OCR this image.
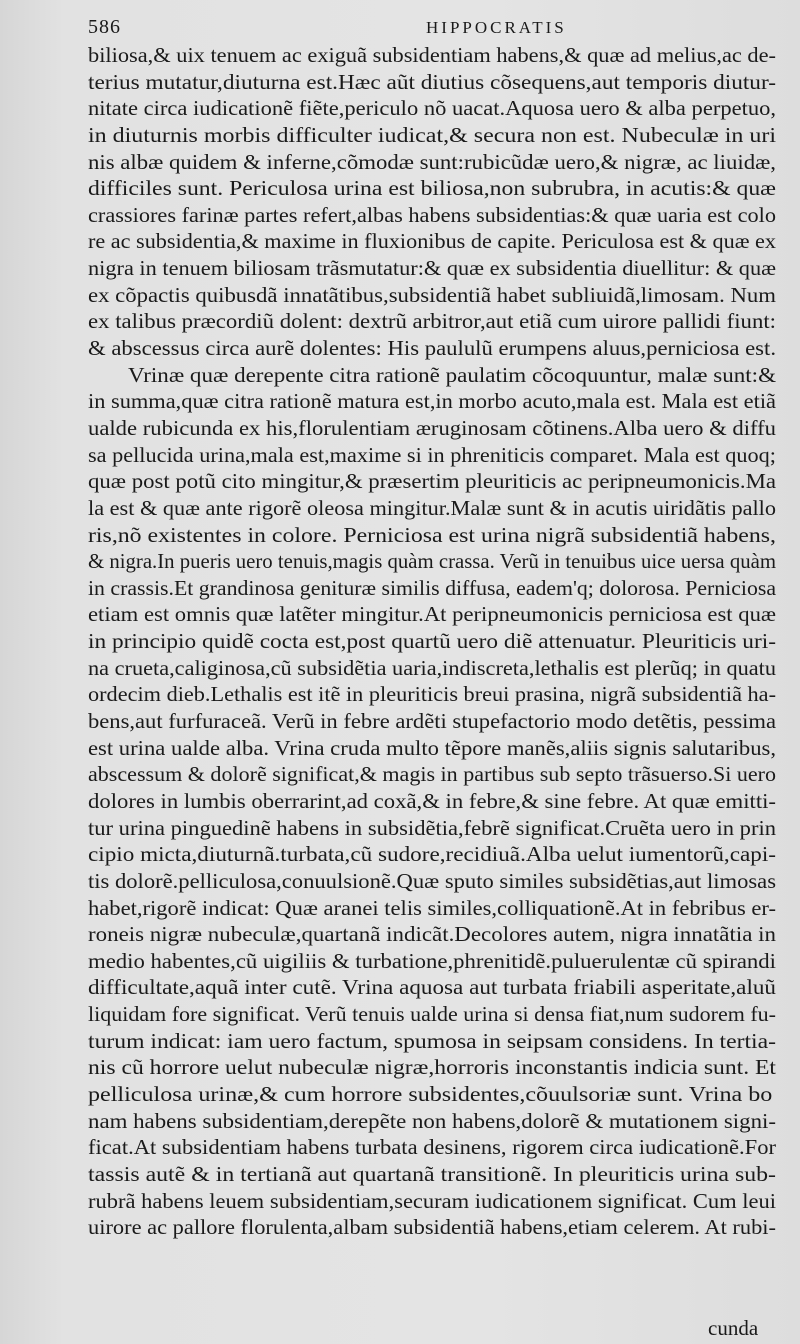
586	HIPPOCRATIS
biliosa,& uix tenuem ac exiguã subsidentiam habens,& quæ ad melius,ac de-
terius mutatur,diuturna est.Hæc aũt diutius cõsequens,aut temporis diutur-
nitate circa iudicationẽ fiẽte,periculo nõ uacat.Aquosa uero & alba perpetuo,
in diuturnis morbis difficulter iudicat,& secura non est. Nubeculæ in uri
nis albæ quidem & inferne,cõmodæ sunt:rubicũdæ uero,& nigræ, ac liuidæ,
difficiles sunt. Periculosa urina est biliosa,non subrubra, in acutis:& quæ
crassiores farinæ partes refert,albas habens subsidentias:& quæ uaria est colo
re ac subsidentia,& maxime in fluxionibus de capite. Periculosa est & quæ ex
nigra in tenuem biliosam trãsmutatur:& quæ ex subsidentia diuellitur: & quæ
ex cõpactis quibusdã innatãtibus,subsidentiã habet subliuidã,limosam. Num
ex talibus præcordiũ dolent: dextrũ arbitror,aut etiã cum uirore pallidi fiunt:
& abscessus circa aurẽ dolentes: His paululũ erumpens aluus,perniciosa est.
Vrinæ quæ derepente citra rationẽ paulatim cõcoquuntur, malæ sunt:&
in summa,quæ citra rationẽ matura est,in morbo acuto,mala est. Mala est etiã
ualde rubicunda ex his,florulentiam æruginosam cõtinens.Alba uero & diffu
sa pellucida urina,mala est,maxime si in phreniticis comparet. Mala est quoq;
quæ post potũ cito mingitur,& præsertim pleuriticis ac peripneumonicis.Ma
la est & quæ ante rigorẽ oleosa mingitur.Malæ sunt & in acutis uiridãtis pallo
ris,nõ existentes in colore. Perniciosa est urina nigrã subsidentiã habens,
& nigra.In pueris uero tenuis,magis quàm crassa. Verũ in tenuibus uice uersa quàm
in crassis.Et grandinosa genituræ similis diffusa, eadem'q; dolorosa. Perniciosa
etiam est omnis quæ latẽter mingitur.At peripneumonicis perniciosa est quæ
in principio quidẽ cocta est,post quartũ uero diẽ attenuatur. Pleuriticis uri-
na crueta,caliginosa,cũ subsidẽtia uaria,indiscreta,lethalis est plerũq; in quatu
ordecim dieb.Lethalis est itẽ in pleuriticis breui prasina, nigrã subsidentiã ha-
bens,aut furfuraceã. Verũ in febre ardẽti stupefactorio modo detẽtis, pessima
est urina ualde alba. Vrina cruda multo tẽpore manẽs,aliis signis salutaribus,
abscessum & dolorẽ significat,& magis in partibus sub septo trãsuerso.Si uero
dolores in lumbis oberrarint,ad coxã,& in febre,& sine febre. At quæ emitti-
tur urina pinguedinẽ habens in subsidẽtia,febrẽ significat.Cruẽta uero in prin
cipio micta,diuturnã.turbata,cũ sudore,recidiuã.Alba uelut iumentorũ,capi-
tis dolorẽ.pelliculosa,conuulsionẽ.Quæ sputo similes subsidẽtias,aut limosas
habet,rigorẽ indicat: Quæ aranei telis similes,colliquationẽ.At in febribus er-
roneis nigræ nubeculæ,quartanã indicãt.Decolores autem, nigra innatãtia in
medio habentes,cũ uigiliis & turbatione,phrenitidẽ.puluerulentæ cũ spirandi
difficultate,aquã inter cutẽ. Vrina aquosa aut turbata friabili asperitate,aluũ
liquidam fore significat. Verũ tenuis ualde urina si densa fiat,num sudorem fu-
turum indicat: iam uero factum, spumosa in seipsam considens. In tertia-
nis cũ horrore uelut nubeculæ nigræ,horroris inconstantis indicia sunt. Et
pelliculosa urinæ,& cum horrore subsidentes,cõuulsoriæ sunt. Vrina bo
nam habens subsidentiam,derepẽte non habens,dolorẽ & mutationem signi-
ficat.At subsidentiam habens turbata desinens, rigorem circa iudicationẽ.For
tassis autẽ & in tertianã aut quartanã transitionẽ. In pleuriticis urina sub-
rubrã habens leuem subsidentiam,securam iudicationem significat. Cum leui
uirore ac pallore florulenta,albam subsidentiã habens,etiam celerem. At rubi-
cunda
